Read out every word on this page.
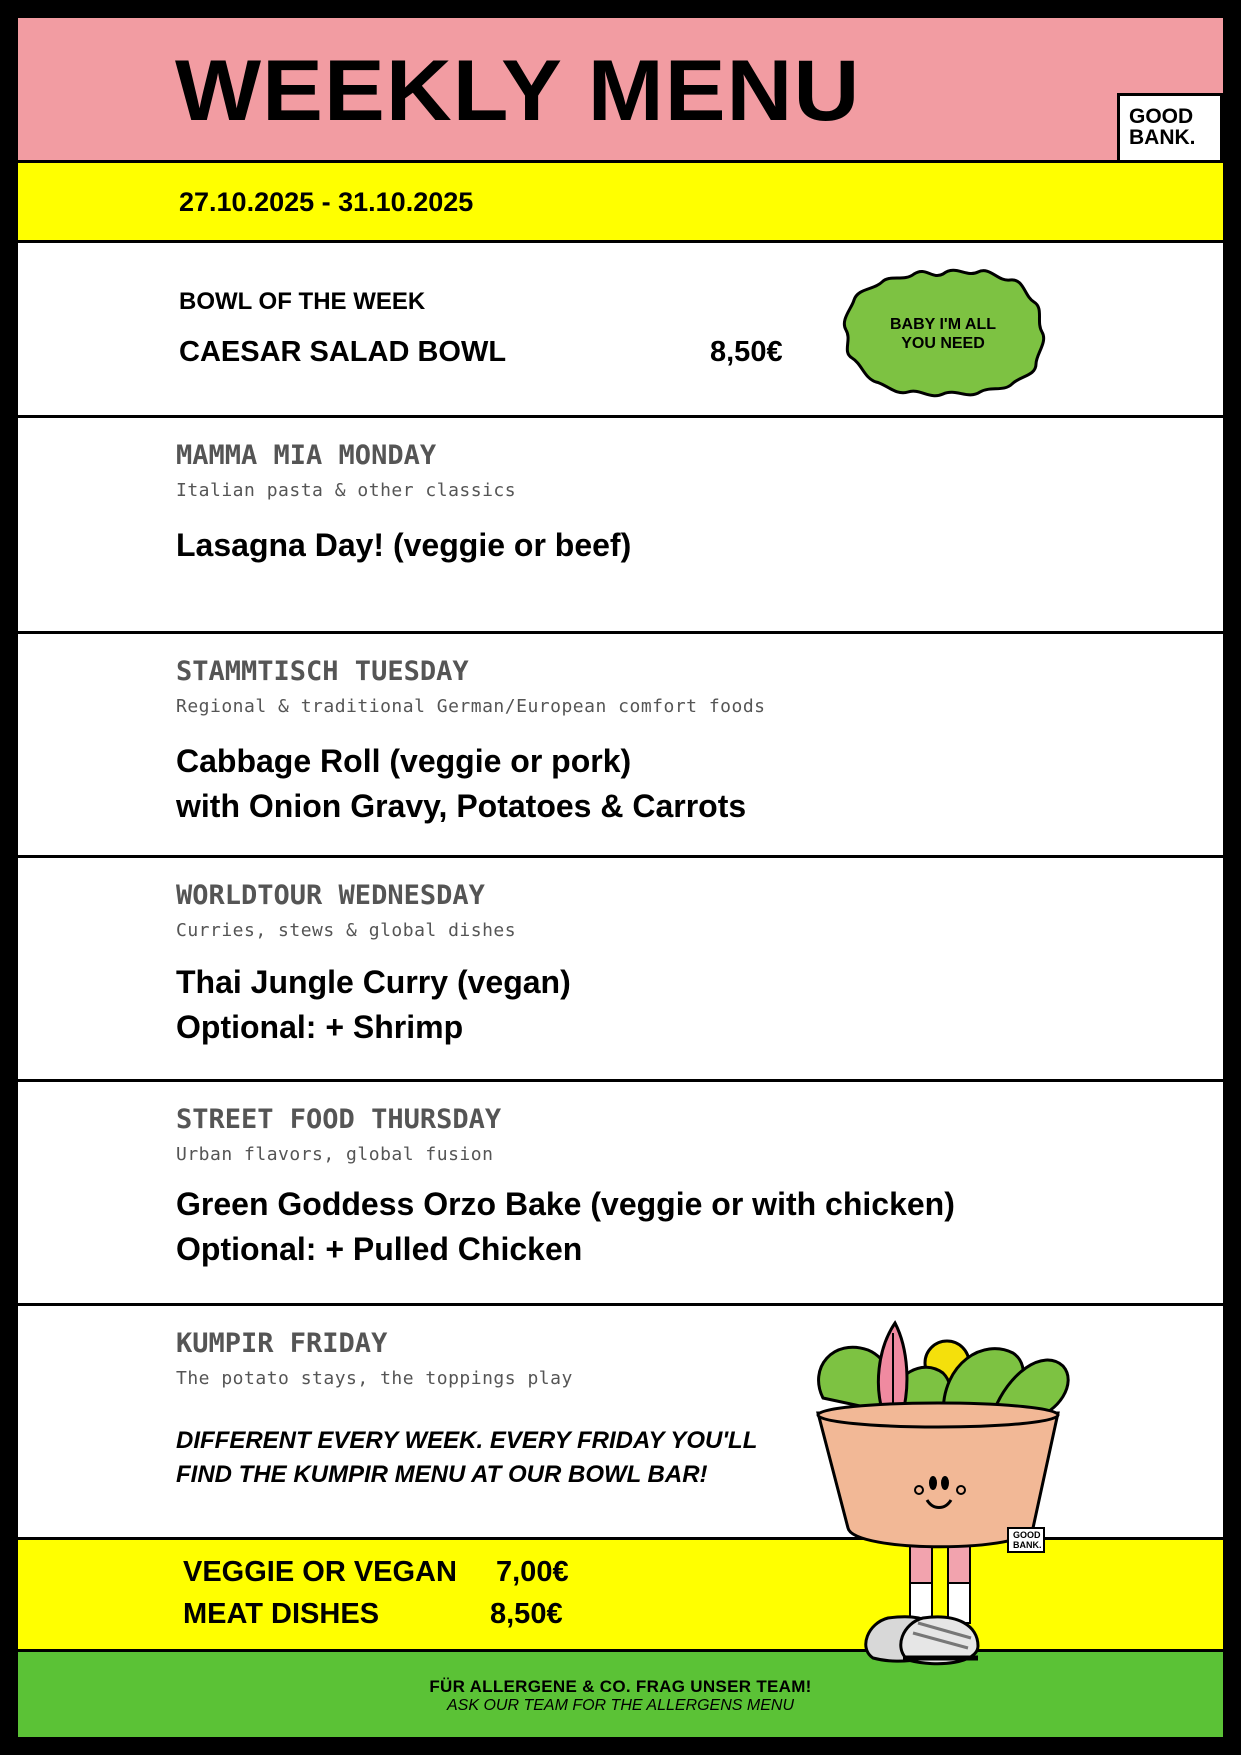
WEEKLY MENU	GOOD
BANK.
27.10.2025 - 31.10.2025
BOWL OF THE WEEK
CAESAR SALAD BOWL	8,50€
BABY I'M ALL
YOU NEED
MAMMA MIA MONDAY
Italian pasta & other classics
Lasagna Day! (veggie or beef)
STAMMTISCH TUESDAY
Regional & traditional German/European comfort foods
Cabbage Roll (veggie or pork)
with Onion Gravy, Potatoes & Carrots
WORLDTOUR WEDNESDAY
Curries, stews & global dishes
Thai Jungle Curry (vegan)
Optional: + Shrimp
STREET FOOD THURSDAY
Urban flavors, global fusion
Green Goddess Orzo Bake (veggie or with chicken)
Optional: + Pulled Chicken
KUMPIR FRIDAY
The potato stays, the toppings play
DIFFERENT EVERY WEEK. EVERY FRIDAY YOU'LL
FIND THE KUMPIR MENU AT OUR BOWL BAR!
VEGGIE OR VEGAN 7,00€
MEAT DISHES	8,50€
FÜR ALLERGENE & CO. FRAG UNSER TEAM!
ASK OUR TEAM FOR THE ALLERGENS MENU
GOOD
BANK.
